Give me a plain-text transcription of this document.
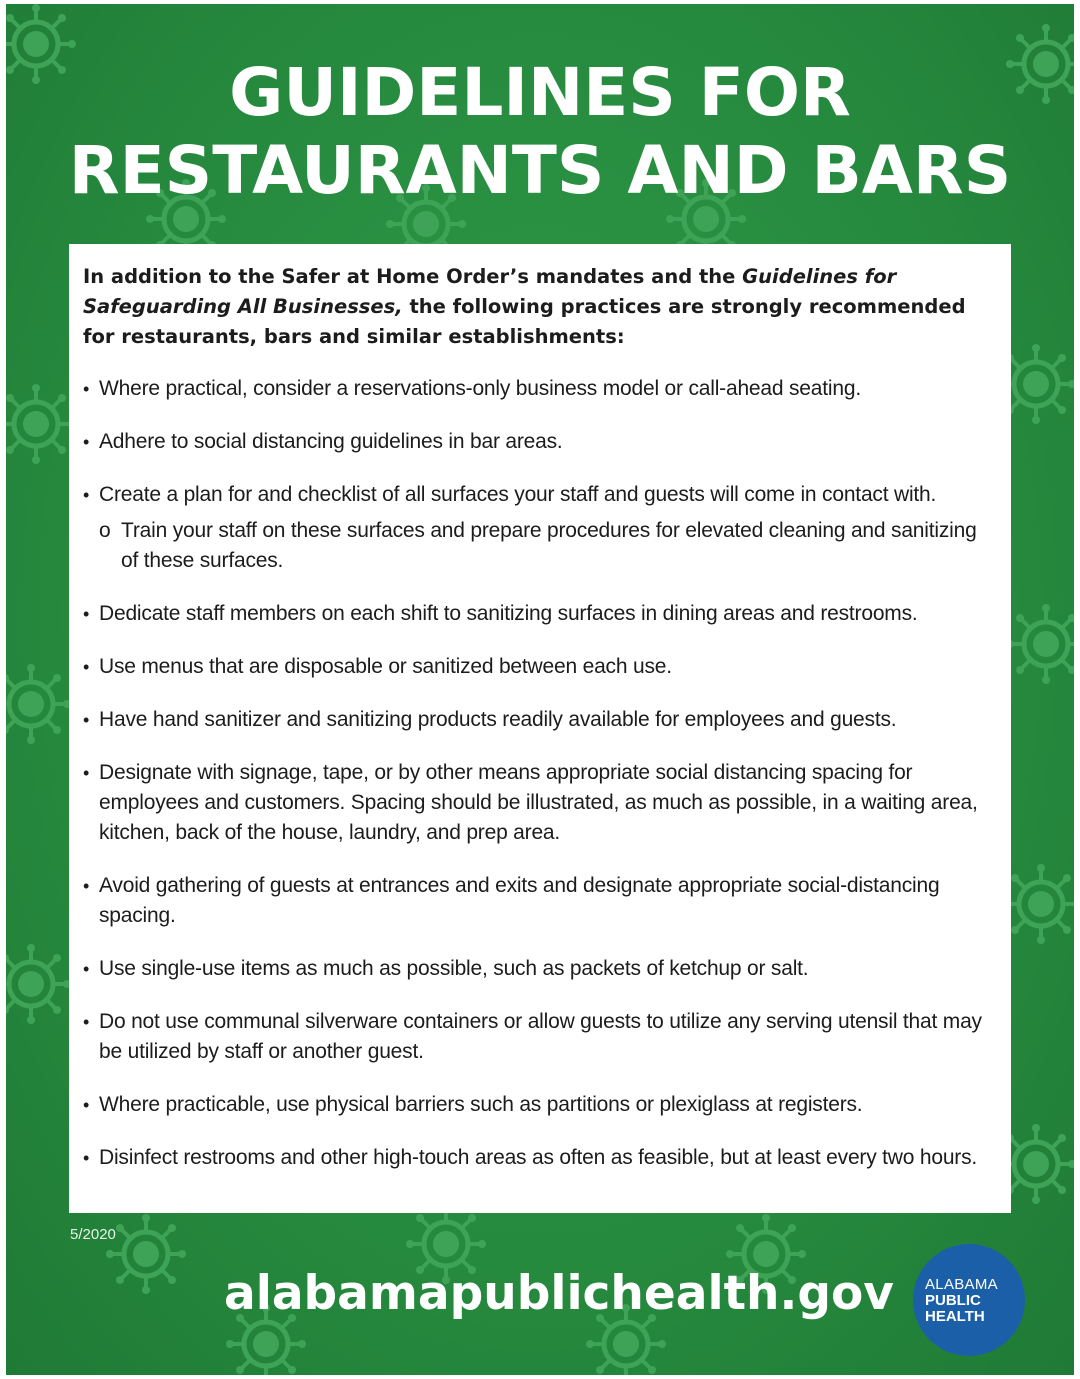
GUIDELINES FOR
RESTAURANTS AND BARS

In addition to the Safer at Home Order’s mandates and the Guidelines for Safeguarding All Businesses, the following practices are strongly recommended for restaurants, bars and similar establishments:

• Where practical, consider a reservations-only business model or call-ahead seating.
• Adhere to social distancing guidelines in bar areas.
• Create a plan for and checklist of all surfaces your staff and guests will come in contact with.
o Train your staff on these surfaces and prepare procedures for elevated cleaning and sanitizing of these surfaces.
• Dedicate staff members on each shift to sanitizing surfaces in dining areas and restrooms.
• Use menus that are disposable or sanitized between each use.
• Have hand sanitizer and sanitizing products readily available for employees and guests.
• Designate with signage, tape, or by other means appropriate social distancing spacing for employees and customers. Spacing should be illustrated, as much as possible, in a waiting area, kitchen, back of the house, laundry, and prep area.
• Avoid gathering of guests at entrances and exits and designate appropriate social-distancing spacing.
• Use single-use items as much as possible, such as packets of ketchup or salt.
• Do not use communal silverware containers or allow guests to utilize any serving utensil that may be utilized by staff or another guest.
• Where practicable, use physical barriers such as partitions or plexiglass at registers.
• Disinfect restrooms and other high-touch areas as often as feasible, but at least every two hours.
5/2020
alabamapublichealth.gov ALABAMA
PUBLIC
HEALTH
